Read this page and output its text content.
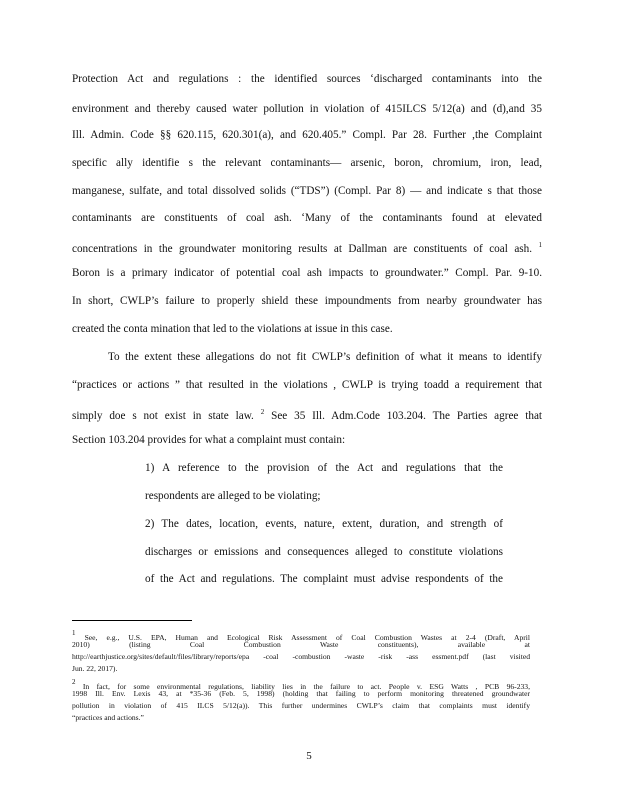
Protection Act and regulations : the identified sources ‘discharged contaminants into the
environment and thereby caused water pollution in violation of 415ILCS 5/12(a) and (d),and 35
Ill. Admin. Code §§ 620.115, 620.301(a), and 620.405.” Compl. Par 28. Further ,the Complaint
specific ally identifie s the relevant contaminants— arsenic, boron, chromium, iron, lead,
manganese, sulfate, and total dissolved solids (“TDS”) (Compl. Par 8) — and indicate s that those
contaminants are constituents of coal ash. ‘Many of the contaminants found at elevated
concentrations in the groundwater monitoring results at Dallman are constituents of coal ash. $^1$
Boron is a primary indicator of potential coal ash impacts to groundwater.” Compl. Par. 9-10.
In short, CWLP’s failure to properly shield these impoundments from nearby groundwater has
created the conta mination that led to the violations at issue in this case.
To the extent these allegations do not fit CWLP’s definition of what it means to identify
“practices or actions ” that resulted in the violations , CWLP is trying toadd a requirement that
simply doe s not exist in state law. $^2$ See 35 Ill. Adm.Code 103.204. The Parties agree that
Section 103.204 provides for what a complaint must contain:
1) A reference to the provision of the Act and regulations that the
respondents are alleged to be violating;
2) The dates, location, events, nature, extent, duration, and strength of
discharges or emissions and consequences alleged to constitute violations
of the Act and regulations. The complaint must advise respondents of the
1 See, e.g., U.S. EPA, Human and Ecological Risk Assessment of Coal Combustion Wastes at 2-4 (Draft, April
2010) (listing Coal Combustion Waste constituents), available at
http://earthjustice.org/sites/default/files/library/reports/epa -coal -combustion -waste -risk -ass essment.pdf (last visited
Jun. 22, 2017).
2 In fact, for some environmental regulations, liability lies in the failure to act. People v. ESG Watts , PCB 96-233,
1998 Ill. Env. Lexis 43, at *35-36 (Feb. 5, 1998) (holding that failing to perform monitoring threatened groundwater
pollution in violation of 415 ILCS 5/12(a)). This further undermines CWLP’s claim that complaints must identify
“practices and actions.”
5
